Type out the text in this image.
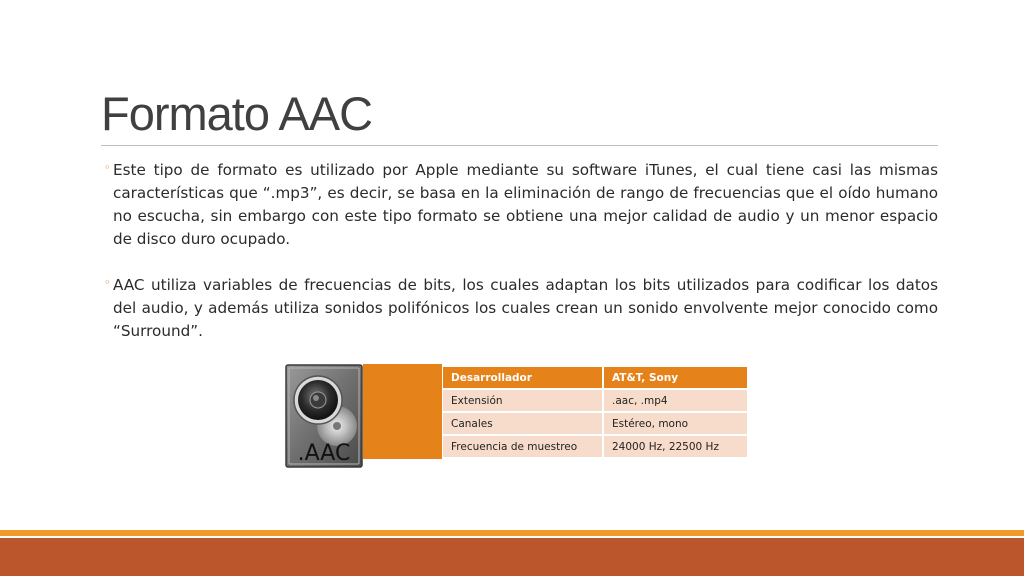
Formato AAC
◦ Este tipo de formato es utilizado por Apple mediante su software iTunes, el cual tiene casi las mismas características que “.mp3”, es decir, se basa en la eliminación de rango de frecuencias que el oído humano no escucha, sin embargo con este tipo formato se obtiene una mejor calidad de audio y un menor espacio de disco duro ocupado.

◦ AAC utiliza variables de frecuencias de bits, los cuales adaptan los bits utilizados para codificar los datos del audio, y además utiliza sonidos polifónicos los cuales crean un sonido envolvente mejor conocido como “Surround”.

.AAC
Desarrollador	AT&T, Sony
Extensión	.aac, .mp4
Canales	Estéreo, mono
Frecuencia de muestreo	24000 Hz, 22500 Hz
